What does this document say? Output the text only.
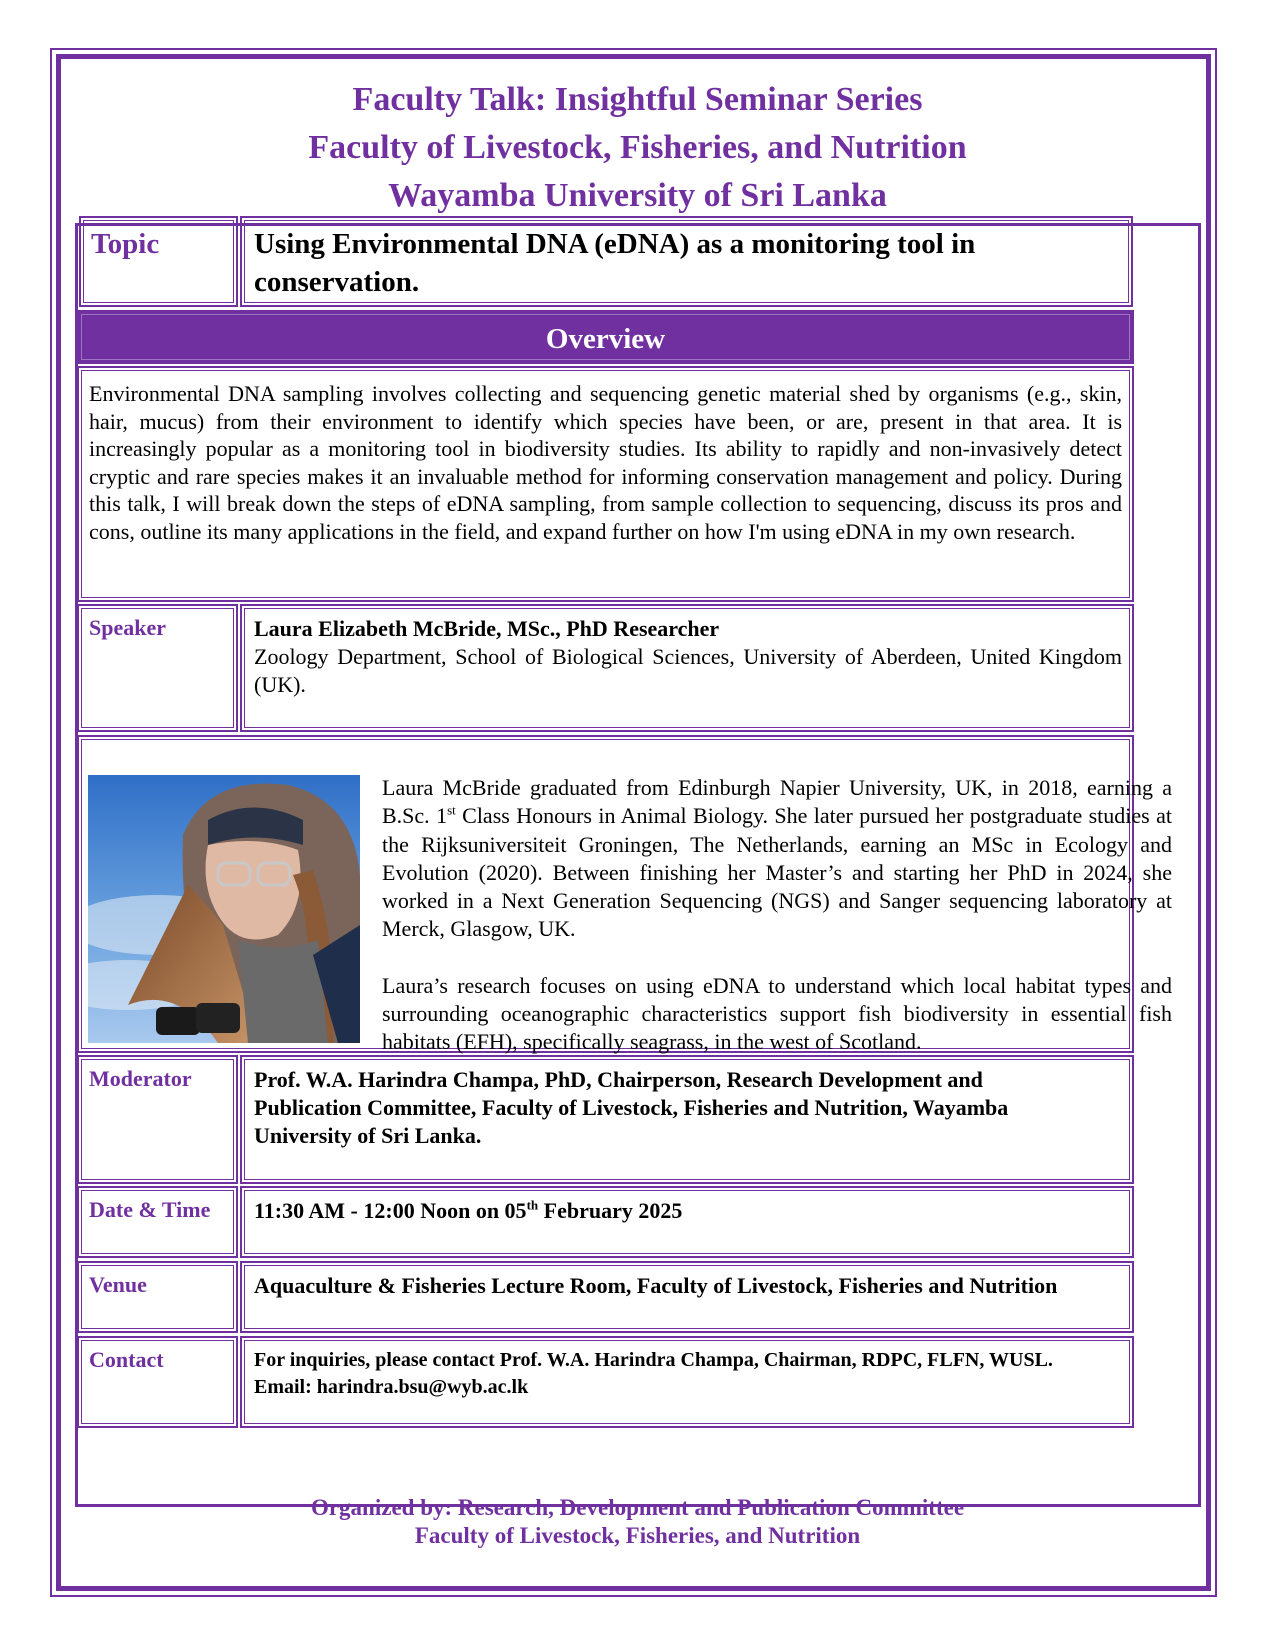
Faculty Talk: Insightful Seminar Series
Faculty of Livestock, Fisheries, and Nutrition
Wayamba University of Sri Lanka
Topic	Using Environmental DNA (eDNA) as a monitoring tool in conservation.
Overview
Environmental DNA sampling involves collecting and sequencing genetic material shed by organisms (e.g., skin, hair, mucus) from their environment to identify which species have been, or are, present in that area. It is increasingly popular as a monitoring tool in biodiversity studies. Its ability to rapidly and non-invasively detect cryptic and rare species makes it an invaluable method for informing conservation management and policy. During this talk, I will break down the steps of eDNA sampling, from sample collection to sequencing, discuss its pros and cons, outline its many applications in the field, and expand further on how I'm using eDNA in my own research.
Speaker	Laura Elizabeth McBride, MSc., PhD Researcher
Zoology Department, School of Biological Sciences, University of Aberdeen, United Kingdom (UK).

Laura McBride graduated from Edinburgh Napier University, UK, in 2018, earning a B.Sc. 1st Class Honours in Animal Biology. She later pursued her postgraduate studies at the Rijksuniversiteit Groningen, The Netherlands, earning an MSc in Ecology and Evolution (2020). Between finishing her Master’s and starting her PhD in 2024, she worked in a Next Generation Sequencing (NGS) and Sanger sequencing laboratory at Merck, Glasgow, UK.

Laura’s research focuses on using eDNA to understand which local habitat types and surrounding oceanographic characteristics support fish biodiversity in essential fish habitats (EFH), specifically seagrass, in the west of Scotland.

Moderator	Prof. W.A. Harindra Champa, PhD, Chairperson, Research Development and Publication Committee, Faculty of Livestock, Fisheries and Nutrition, Wayamba University of Sri Lanka.
Date & Time	11:30 AM - 12:00 Noon on 05th February 2025
Venue	Aquaculture & Fisheries Lecture Room, Faculty of Livestock, Fisheries and Nutrition
Contact	For inquiries, please contact Prof. W.A. Harindra Champa, Chairman, RDPC, FLFN, WUSL.
Email: harindra.bsu@wyb.ac.lk
Organized by: Research, Development and Publication Committee
Faculty of Livestock, Fisheries, and Nutrition
